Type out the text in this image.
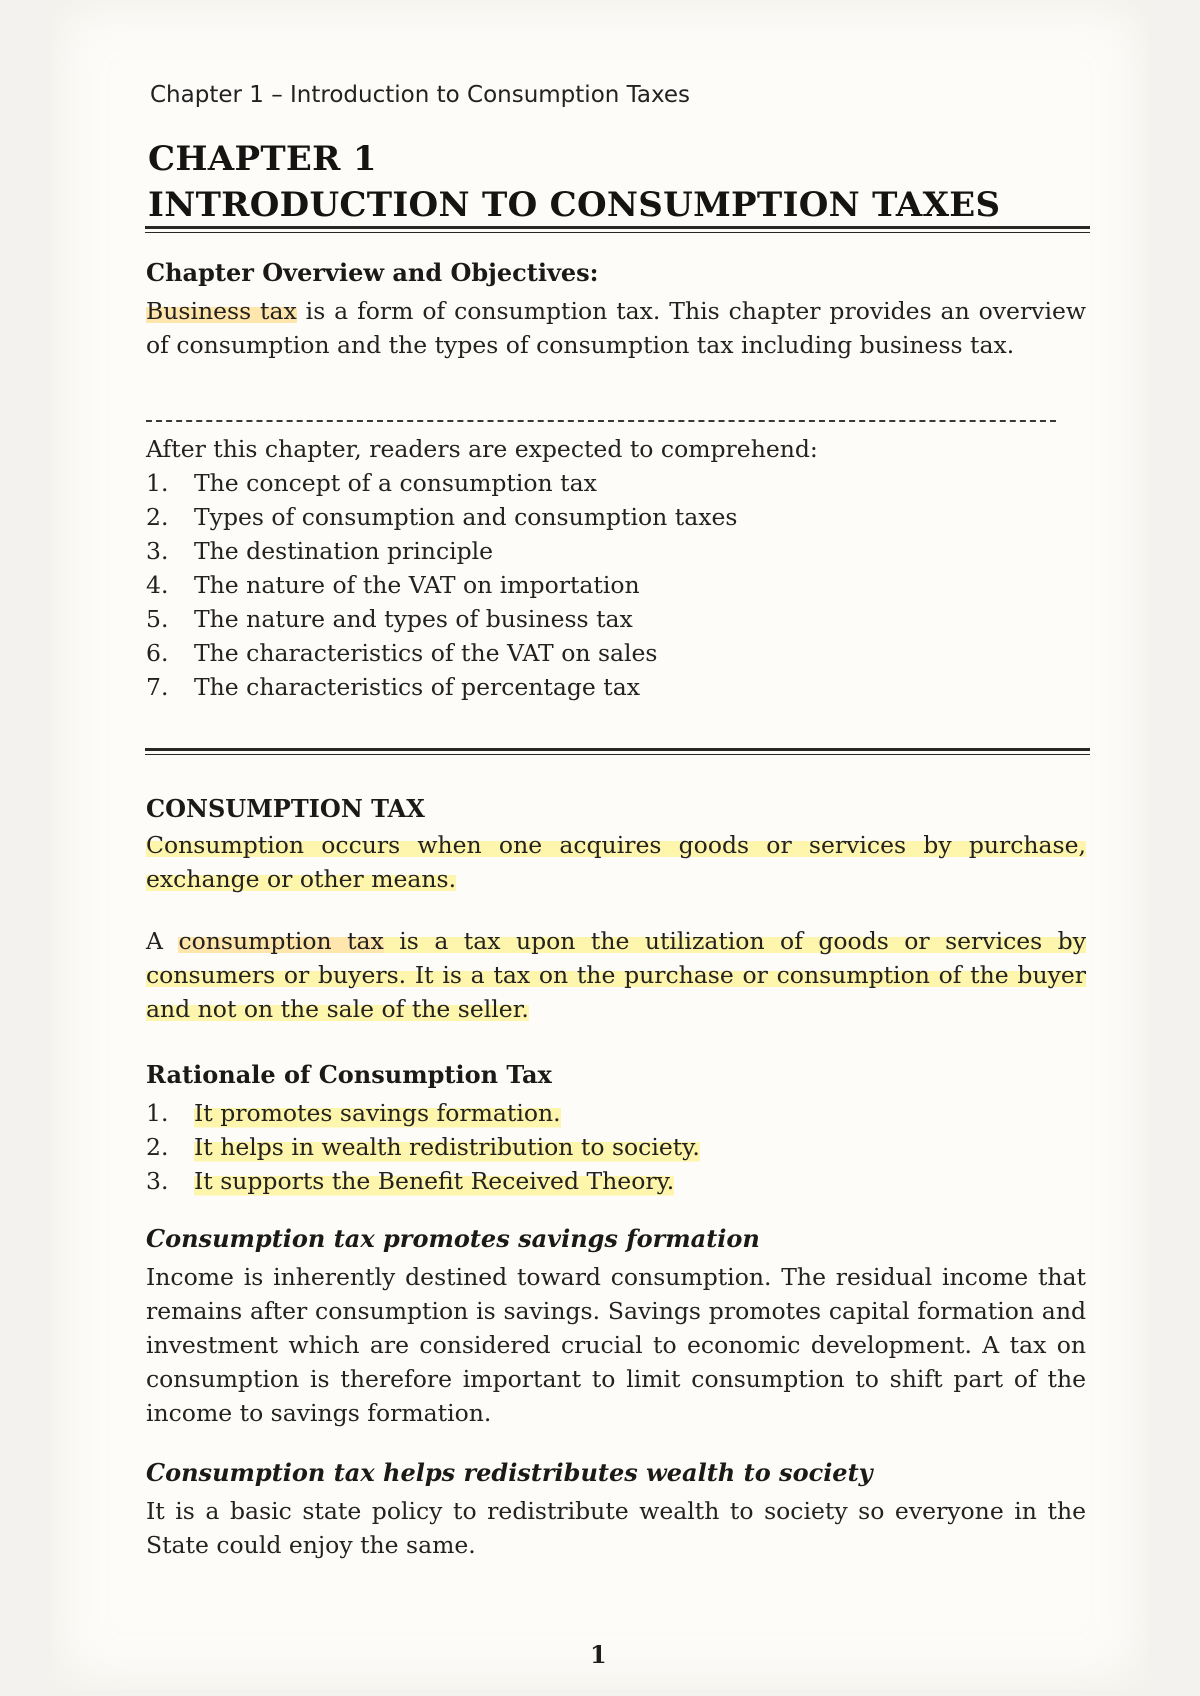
Chapter 1 – Introduction to Consumption Taxes
CHAPTER 1
INTRODUCTION TO CONSUMPTION TAXES
Chapter Overview and Objectives:

Business tax is a form of consumption tax. This chapter provides an overview of consumption and the types of consumption tax including business tax.

After this chapter, readers are expected to comprehend:

1.	The concept of a consumption tax
2.	Types of consumption and consumption taxes
3.	The destination principle
4.	The nature of the VAT on importation
5.	The nature and types of business tax
6.	The characteristics of the VAT on sales
7.	The characteristics of percentage tax
CONSUMPTION TAX

Consumption occurs when one acquires goods or services by purchase, exchange or other means.

A consumption tax is a tax upon the utilization of goods or services by consumers or buyers. It is a tax on the purchase or consumption of the buyer and not on the sale of the seller.

Rationale of Consumption Tax
1.	It promotes savings formation.
2.	It helps in wealth redistribution to society.
3.	It supports the Benefit Received Theory.
Consumption tax promotes savings formation

Income is inherently destined toward consumption. The residual income that remains after consumption is savings. Savings promotes capital formation and investment which are considered crucial to economic development. A tax on consumption is therefore important to limit consumption to shift part of the income to savings formation.

Consumption tax helps redistributes wealth to society

It is a basic state policy to redistribute wealth to society so everyone in the State could enjoy the same.

1
